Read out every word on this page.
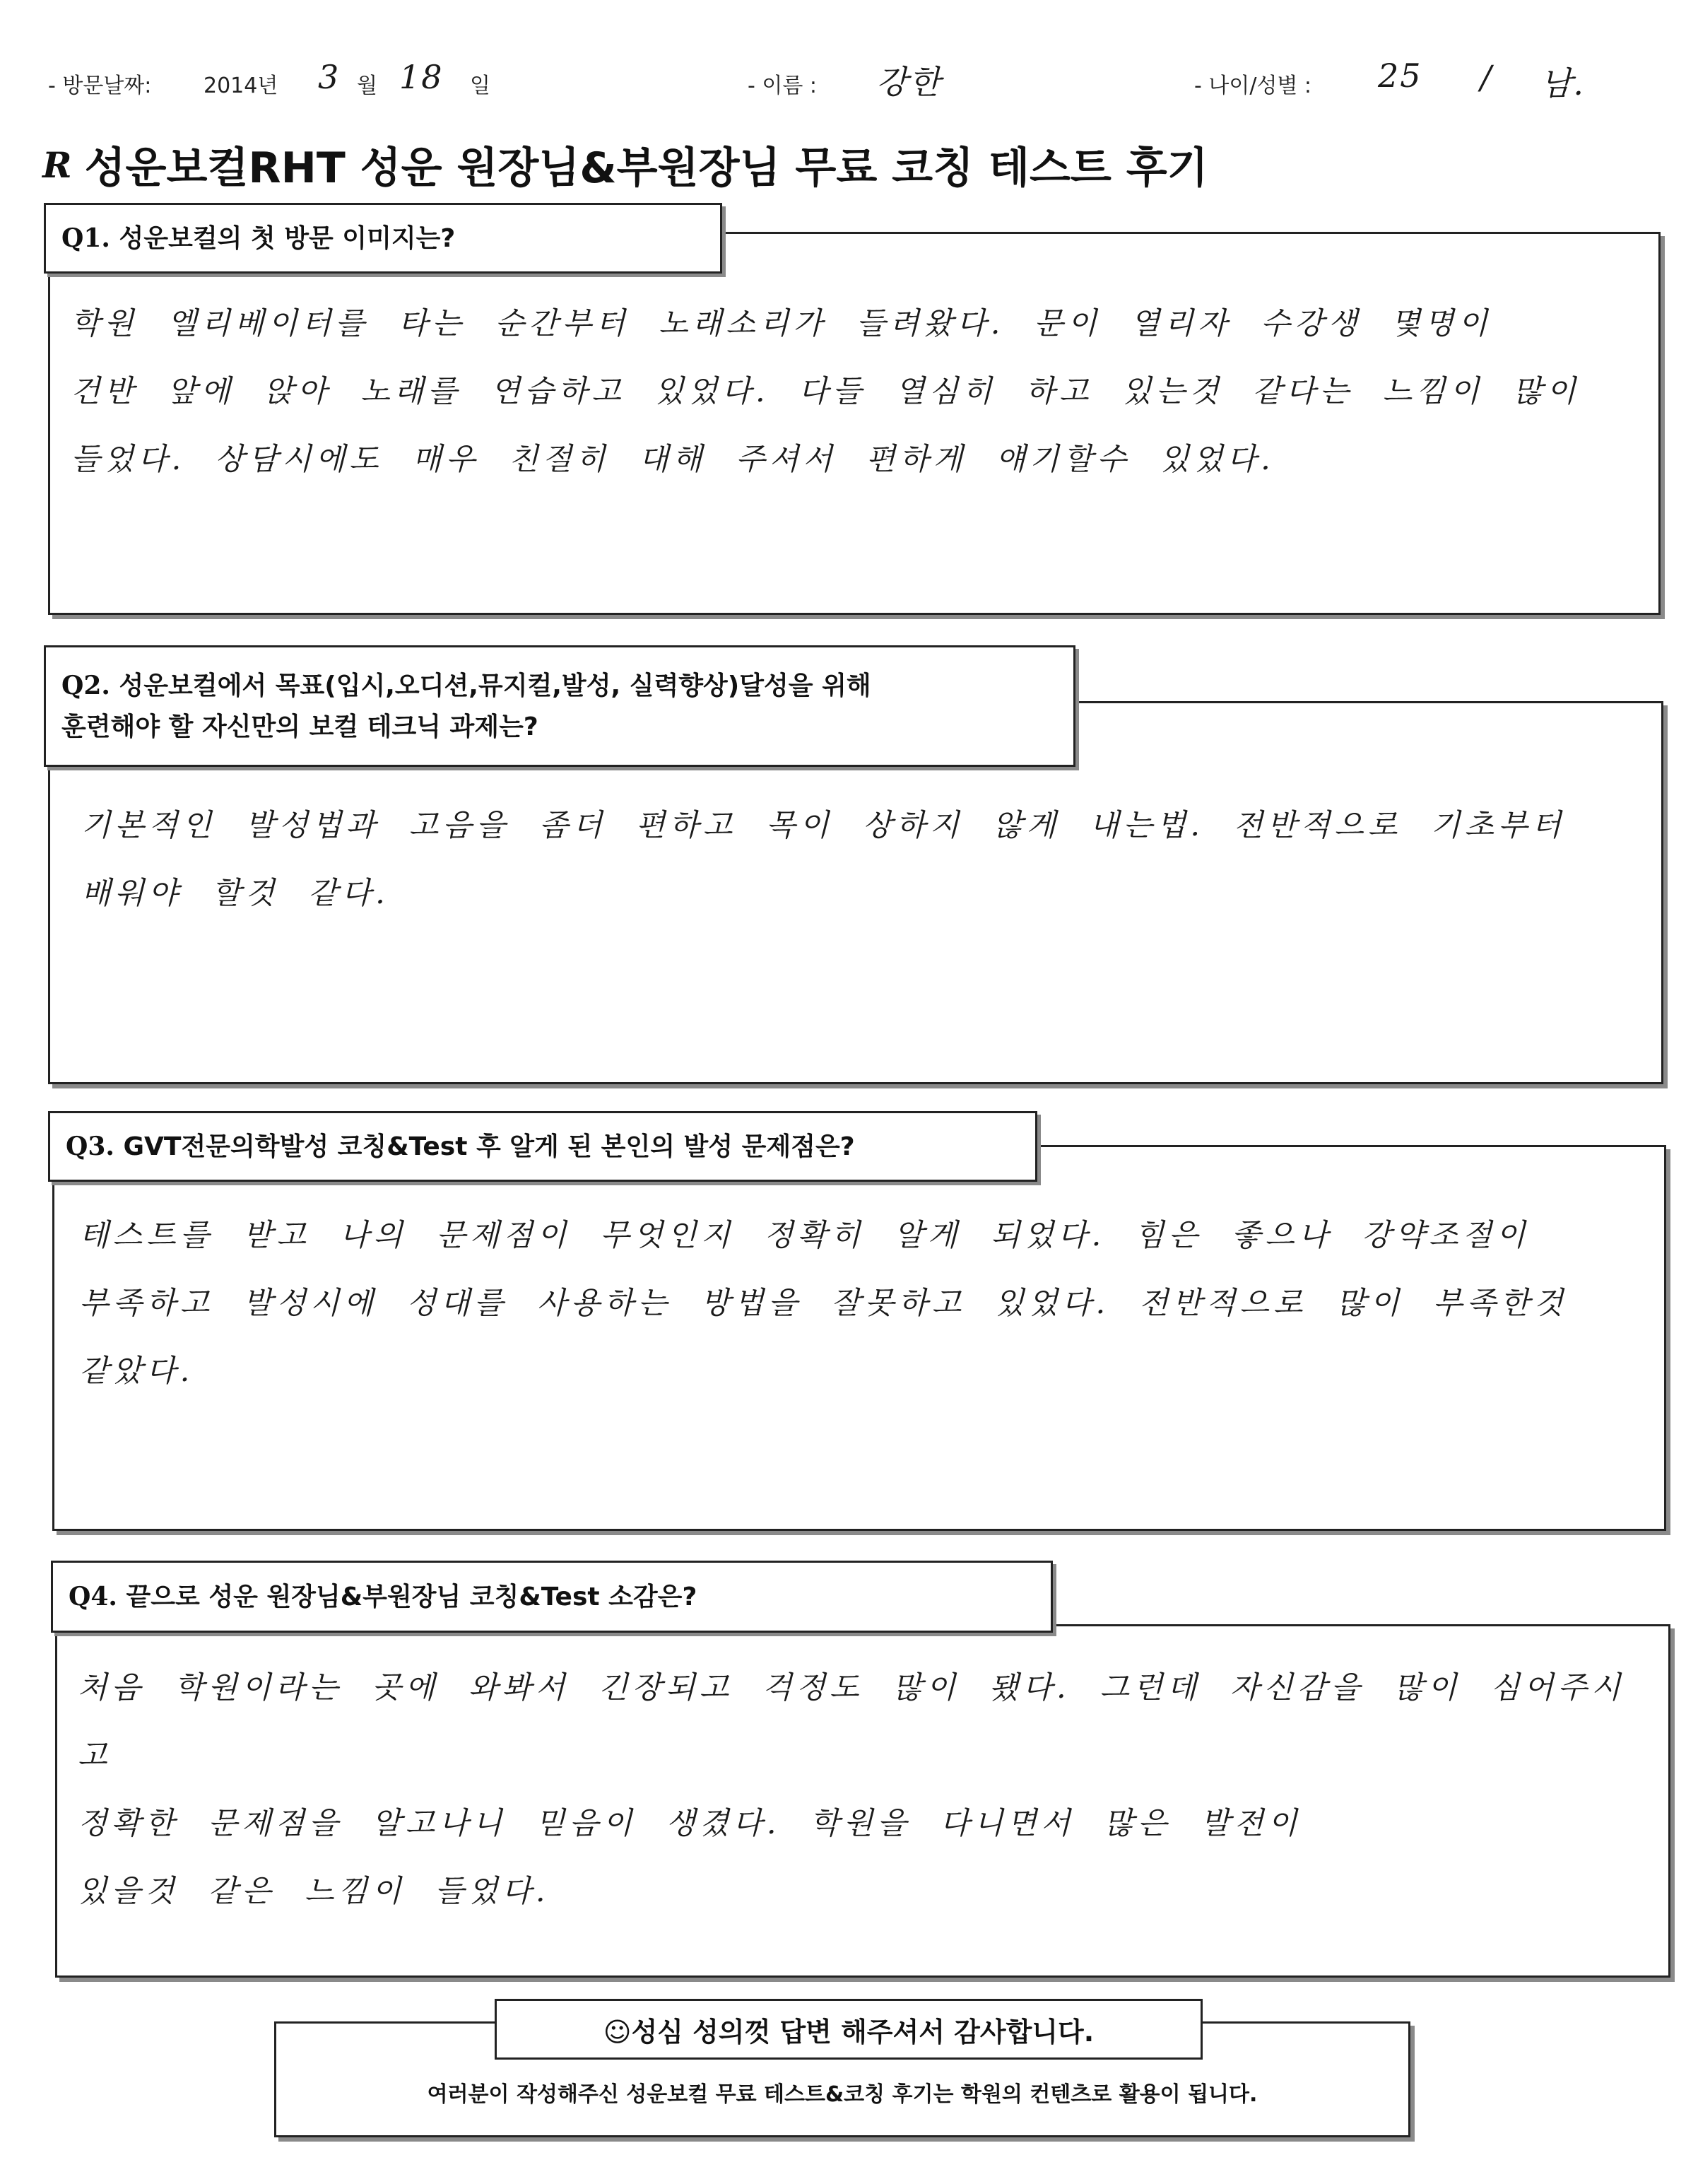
- 방문날짜: 2014년 3 월 18 일	- 이름 : 강한	- 나이/성별 : 25 / 남.
R 성운보컬RHT 성운 원장님&부원장님 무료 코칭 테스트 후기
Q1. 성운보컬의 첫 방문 이미지는?

학원 엘리베이터를 타는 순간부터 노래소리가 들려왔다. 문이 열리자 수강생 몇명이

건반 앞에 앉아 노래를 연습하고 있었다. 다들 열심히 하고 있는것 같다는 느낌이 많이

들었다. 상담시에도 매우 친절히 대해 주셔서 편하게 얘기할수 있었다.

Q2. 성운보컬에서 목표(입시,오디션,뮤지컬,발성, 실력향상)달성을 위해
훈련해야 할 자신만의 보컬 테크닉 과제는?

기본적인 발성법과 고음을 좀더 편하고 목이 상하지 않게 내는법. 전반적으로 기초부터

배워야 할것 같다.

Q3. GVT전문의학발성 코칭&Test 후 알게 된 본인의 발성 문제점은?

테스트를 받고 나의 문제점이 무엇인지 정확히 알게 되었다. 힘은 좋으나 강약조절이

부족하고 발성시에 성대를 사용하는 방법을 잘못하고 있었다. 전반적으로 많이 부족한것

같았다.

Q4. 끝으로 성운 원장님&부원장님 코칭&Test 소감은?

처음 학원이라는 곳에 와봐서 긴장되고 걱정도 많이 됐다. 그런데 자신감을 많이 심어주시고

정확한 문제점을 알고나니 믿음이 생겼다. 학원을 다니면서 많은 발전이

있을것 같은 느낌이 들었다.

☺성심 성의껏 답변 해주셔서 감사합니다.
여러분이 작성해주신 성운보컬 무료 테스트&코칭 후기는 학원의 컨텐츠로 활용이 됩니다.
